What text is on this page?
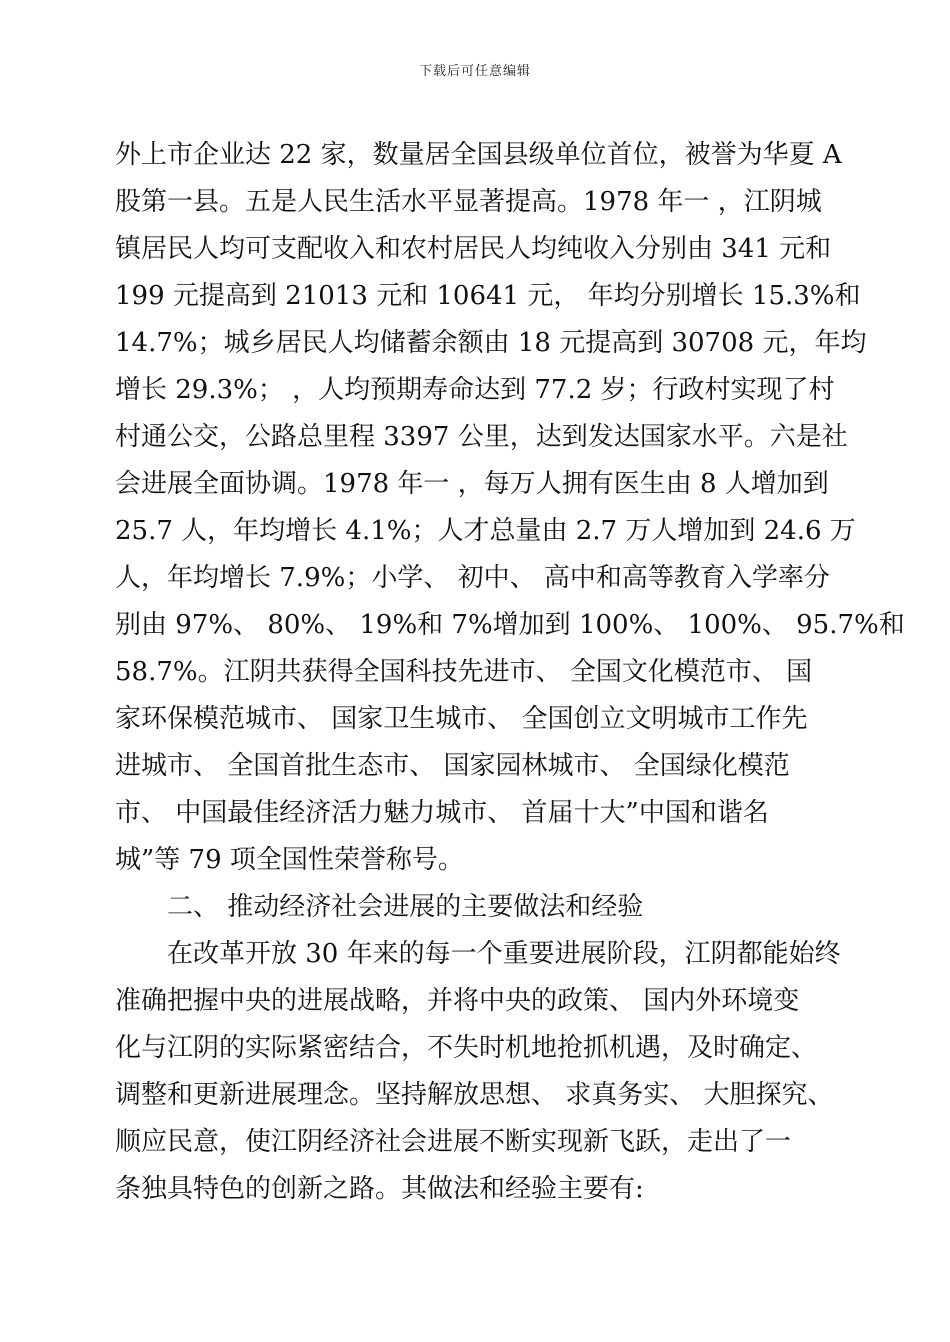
下载后可任意编辑
外上市企业达 22 家，数量居全国县级单位首位，被誉为华夏 A
股第一县。五是人民生活水平显著提高。1978 年一 ，江阴城
镇居民人均可支配收入和农村居民人均纯收入分别由 341 元和
199 元提高到 21013 元和 10641 元， 年均分别增长 15.3%和
14.7%；城乡居民人均储蓄余额由 18 元提高到 30708 元，年均
增长 29.3%； ，人均预期寿命达到 77.2 岁；行政村实现了村
村通公交，公路总里程 3397 公里，达到发达国家水平。六是社
会进展全面协调。1978 年一 ，每万人拥有医生由 8 人增加到
25.7 人，年均增长 4.1%；人才总量由 2.7 万人增加到 24.6 万
人，年均增长 7.9%；小学、 初中、 高中和高等教育入学率分
别由 97%、 80%、 19%和 7%增加到 100%、 100%、 95.7%和
58.7%。江阴共获得全国科技先进市、 全国文化模范市、 国
家环保模范城市、 国家卫生城市、 全国创立文明城市工作先
进城市、 全国首批生态市、 国家园林城市、 全国绿化模范
市、 中国最佳经济活力魅力城市、 首届十大”中国和谐名
城”等 79 项全国性荣誉称号。
　　二、 推动经济社会进展的主要做法和经验
　　在改革开放 30 年来的每一个重要进展阶段，江阴都能始终
准确把握中央的进展战略，并将中央的政策、 国内外环境变
化与江阴的实际紧密结合，不失时机地抢抓机遇，及时确定、
调整和更新进展理念。坚持解放思想、 求真务实、 大胆探究、
顺应民意，使江阴经济社会进展不断实现新飞跃，走出了一
条独具特色的创新之路。其做法和经验主要有:
